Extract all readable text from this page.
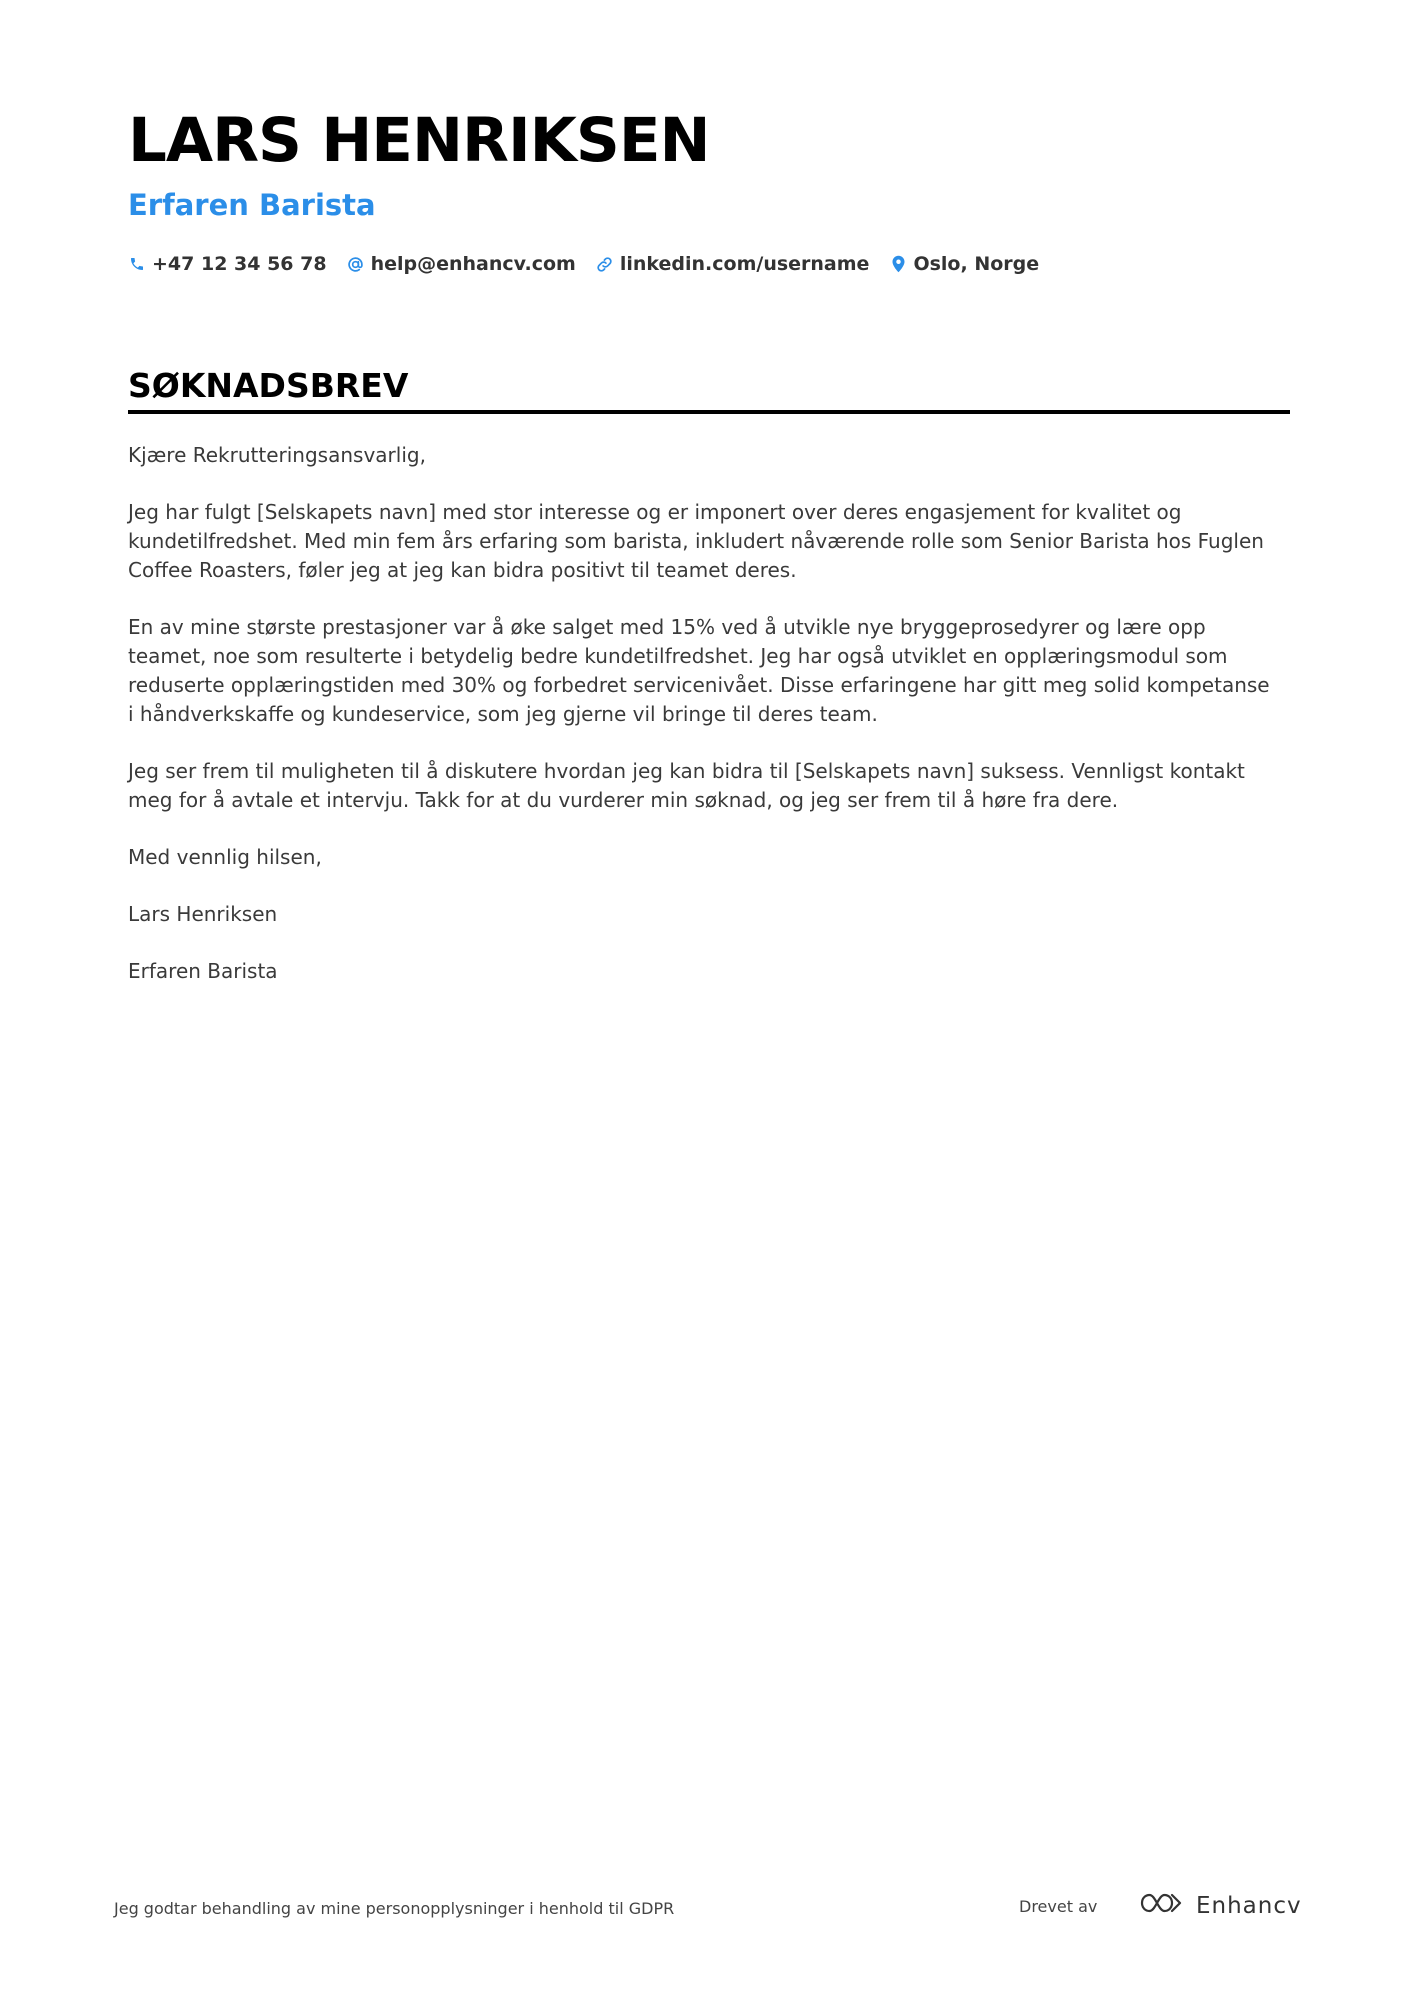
LARS HENRIKSEN
Erfaren Barista
+47 12 34 56 78 help@enhancv.com linkedin.com/username Oslo, Norge
SØKNADSBREV

Kjære Rekrutteringsansvarlig,

Jeg har fulgt [Selskapets navn] med stor interesse og er imponert over deres engasjement for kvalitet og kundetilfredshet. Med min fem års erfaring som barista, inkludert nåværende rolle som Senior Barista hos Fuglen Coffee Roasters, føler jeg at jeg kan bidra positivt til teamet deres.

En av mine største prestasjoner var å øke salget med 15% ved å utvikle nye bryggeprosedyrer og lære opp teamet, noe som resulterte i betydelig bedre kundetilfredshet. Jeg har også utviklet en opplæringsmodul som reduserte opplæringstiden med 30% og forbedret servicenivået. Disse erfaringene har gitt meg solid kompetanse i håndverkskaffe og kundeservice, som jeg gjerne vil bringe til deres team.

Jeg ser frem til muligheten til å diskutere hvordan jeg kan bidra til [Selskapets navn] suksess. Vennligst kontakt meg for å avtale et intervju. Takk for at du vurderer min søknad, og jeg ser frem til å høre fra dere.

Med vennlig hilsen,

Lars Henriksen

Erfaren Barista

Jeg godtar behandling av mine personopplysninger i henhold til GDPR	Drevet av	Enhancv
